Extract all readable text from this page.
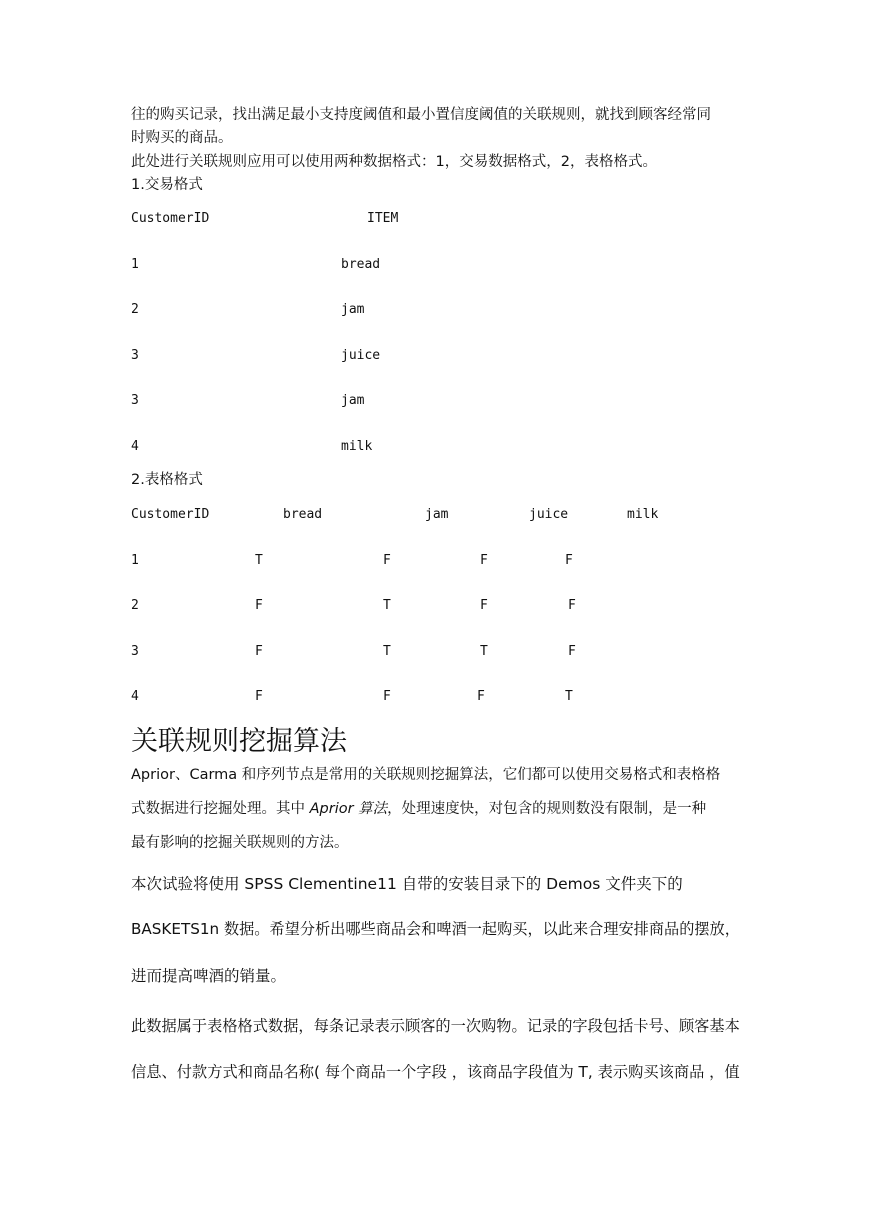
往的购买记录，找出满足最小支持度阈值和最小置信度阈值的关联规则，就找到顾客经常同
时购买的商品。
此处进行关联规则应用可以使用两种数据格式：1，交易数据格式，2，表格格式。
1.交易格式
CustomerID	ITEM
1	bread
2	jam
3	juice
3	jam
4	milk
2.表格格式
CustomerID	bread	jam	juice	milk
1	T	F	F	F
2	F	T	F	F
3	F	T	T	F
4	F	F	F	T
关联规则挖掘算法
Aprior、Carma 和序列节点是常用的关联规则挖掘算法，它们都可以使用交易格式和表格格
式数据进行挖掘处理。其中 Aprior 算法，处理速度快，对包含的规则数没有限制，是一种
最有影响的挖掘关联规则的方法。
本次试验将使用 SPSS Clementine11 自带的安装目录下的 Demos 文件夹下的
BASKETS1n 数据。希望分析出哪些商品会和啤酒一起购买，以此来合理安排商品的摆放，
进而提高啤酒的销量。
此数据属于表格格式数据，每条记录表示顾客的一次购物。记录的字段包括卡号、顾客基本
信息、付款方式和商品名称( 每个商品一个字段 ，该商品字段值为 T, 表示购买该商品 ，值
